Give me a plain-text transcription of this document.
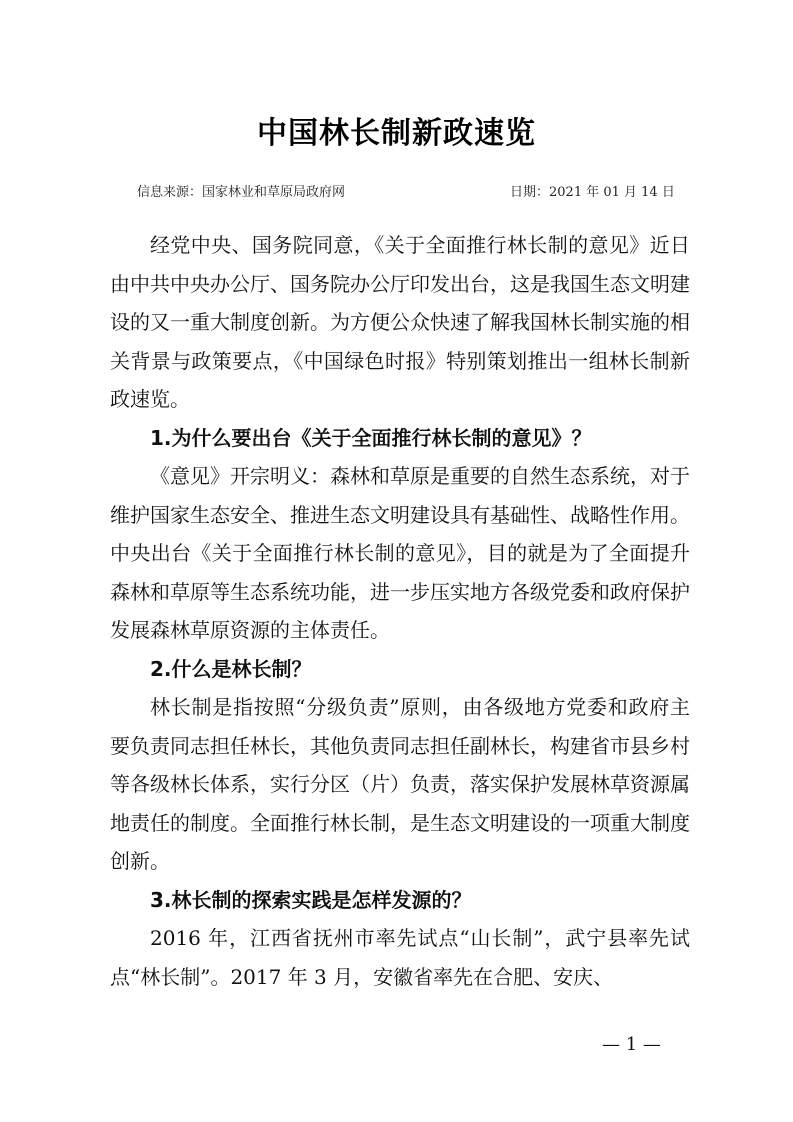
中国林长制新政速览
信息来源：国家林业和草原局政府网	日期：2021 年 01 月 14 日

经党中央、国务院同意，《关于全面推行林长制的意见》近日由中共中央办公厅、国务院办公厅印发出台，这是我国生态文明建设的又一重大制度创新。为方便公众快速了解我国林长制实施的相关背景与政策要点，《中国绿色时报》特别策划推出一组林长制新政速览。

1.为什么要出台《关于全面推行林长制的意见》？

《意见》开宗明义：森林和草原是重要的自然生态系统，对于维护国家生态安全、推进生态文明建设具有基础性、战略性作用。中央出台《关于全面推行林长制的意见》，目的就是为了全面提升森林和草原等生态系统功能，进一步压实地方各级党委和政府保护发展森林草原资源的主体责任。

2.什么是林长制？

林长制是指按照“分级负责”原则，由各级地方党委和政府主要负责同志担任林长，其他负责同志担任副林长，构建省市县乡村等各级林长体系，实行分区（片）负责，落实保护发展林草资源属地责任的制度。全面推行林长制，是生态文明建设的一项重大制度创新。

3.林长制的探索实践是怎样发源的？

2016 年，江西省抚州市率先试点“山长制”，武宁县率先试点“林长制”。2017 年 3 月，安徽省率先在合肥、安庆、

— 1 —
